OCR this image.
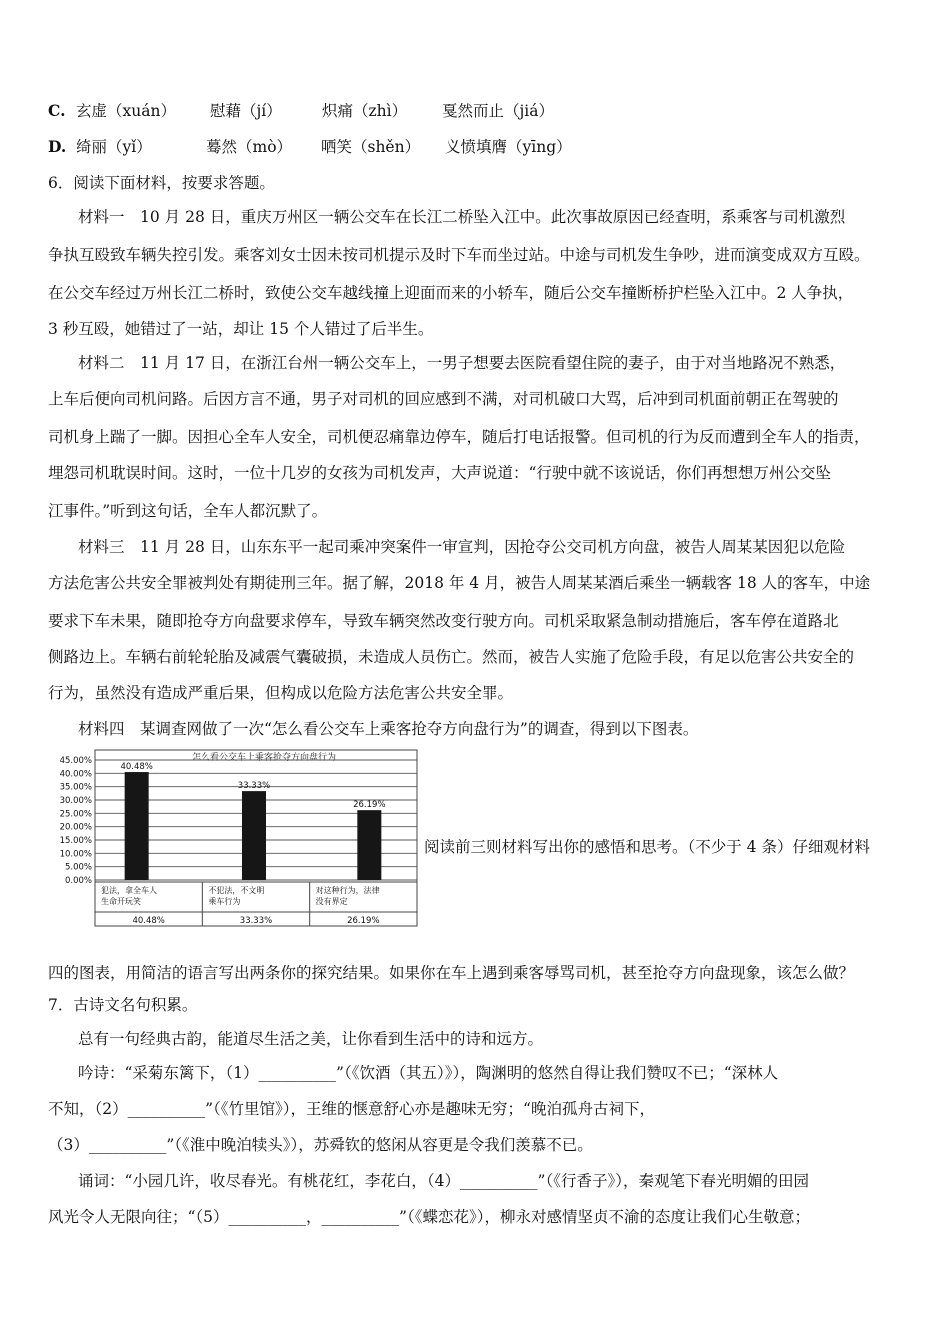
C. 玄虚（xuán） 慰藉（jí）	炽痛（zhì） 戛然而止（jiá）
D. 绮丽（yǐ）	蓦然（mò） 哂笑（shěn） 义愤填膺（yīng）
6．阅读下面材料，按要求答题。
材料一　10 月 28 日，重庆万州区一辆公交车在长江二桥坠入江中。此次事故原因已经查明，系乘客与司机激烈
争执互殴致车辆失控引发。乘客刘女士因未按司机提示及时下车而坐过站。中途与司机发生争吵，进而演变成双方互殴。
在公交车经过万州长江二桥时，致使公交车越线撞上迎面而来的小轿车，随后公交车撞断桥护栏坠入江中。2 人争执，
3 秒互殴，她错过了一站，却让 15 个人错过了后半生。
材料二　11 月 17 日，在浙江台州一辆公交车上，一男子想要去医院看望住院的妻子，由于对当地路况不熟悉，
上车后便向司机问路。后因方言不通，男子对司机的回应感到不满，对司机破口大骂，后冲到司机面前朝正在驾驶的
司机身上踹了一脚。因担心全车人安全，司机便忍痛靠边停车，随后打电话报警。但司机的行为反而遭到全车人的指责，
埋怨司机耽误时间。这时，一位十几岁的女孩为司机发声，大声说道：“行驶中就不该说话，你们再想想万州公交坠
江事件。”听到这句话，全车人都沉默了。
材料三　11 月 28 日，山东东平一起司乘冲突案件一审宣判，因抢夺公交司机方向盘，被告人周某某因犯以危险
方法危害公共安全罪被判处有期徒刑三年。据了解，2018 年 4 月，被告人周某某酒后乘坐一辆载客 18 人的客车，中途
要求下车未果，随即抢夺方向盘要求停车，导致车辆突然改变行驶方向。司机采取紧急制动措施后，客车停在道路北
侧路边上。车辆右前轮轮胎及减震气囊破损，未造成人员伤亡。然而，被告人实施了危险手段，有足以危害公共安全的
行为，虽然没有造成严重后果，但构成以危险方法危害公共安全罪。
材料四　某调查网做了一次“怎么看公交车上乘客抢夺方向盘行为”的调查，得到以下图表。
怎么看公交车上乘客抢夺方向盘行为
45.00%
40.00%
35.00%
30.00%
25.00%
20.00%
15.00%
10.00%
5.00%
0.00%
40.48%
33.33%
26.19%
犯法，拿全车人
生命开玩笑
40.48%
不犯法，不文明
乘车行为
33.33%
对这种行为，法律
没有界定
26.19%
阅读前三则材料写出你的感悟和思考。（不少于 4 条）仔细观材料
四的图表，用简洁的语言写出两条你的探究结果。如果你在车上遇到乘客辱骂司机，甚至抢夺方向盘现象，该怎么做？
7．古诗文名句积累。
总有一句经典古韵，能道尽生活之美，让你看到生活中的诗和远方。
吟诗：“采菊东篱下，（1）__________”（《饮酒（其五）》），陶渊明的悠然自得让我们赞叹不已；“深林人
不知，（2）__________”（《竹里馆》），王维的惬意舒心亦是趣味无穷；“晚泊孤舟古祠下，
（3）__________”（《淮中晚泊犊头》），苏舜钦的悠闲从容更是令我们羡慕不已。
诵词：“小园几许，收尽春光。有桃花红，李花白，（4）__________”（《行香子》），秦观笔下春光明媚的田园
风光令人无限向往；“（5）__________，__________”（《蝶恋花》），柳永对感情坚贞不渝的态度让我们心生敬意；
